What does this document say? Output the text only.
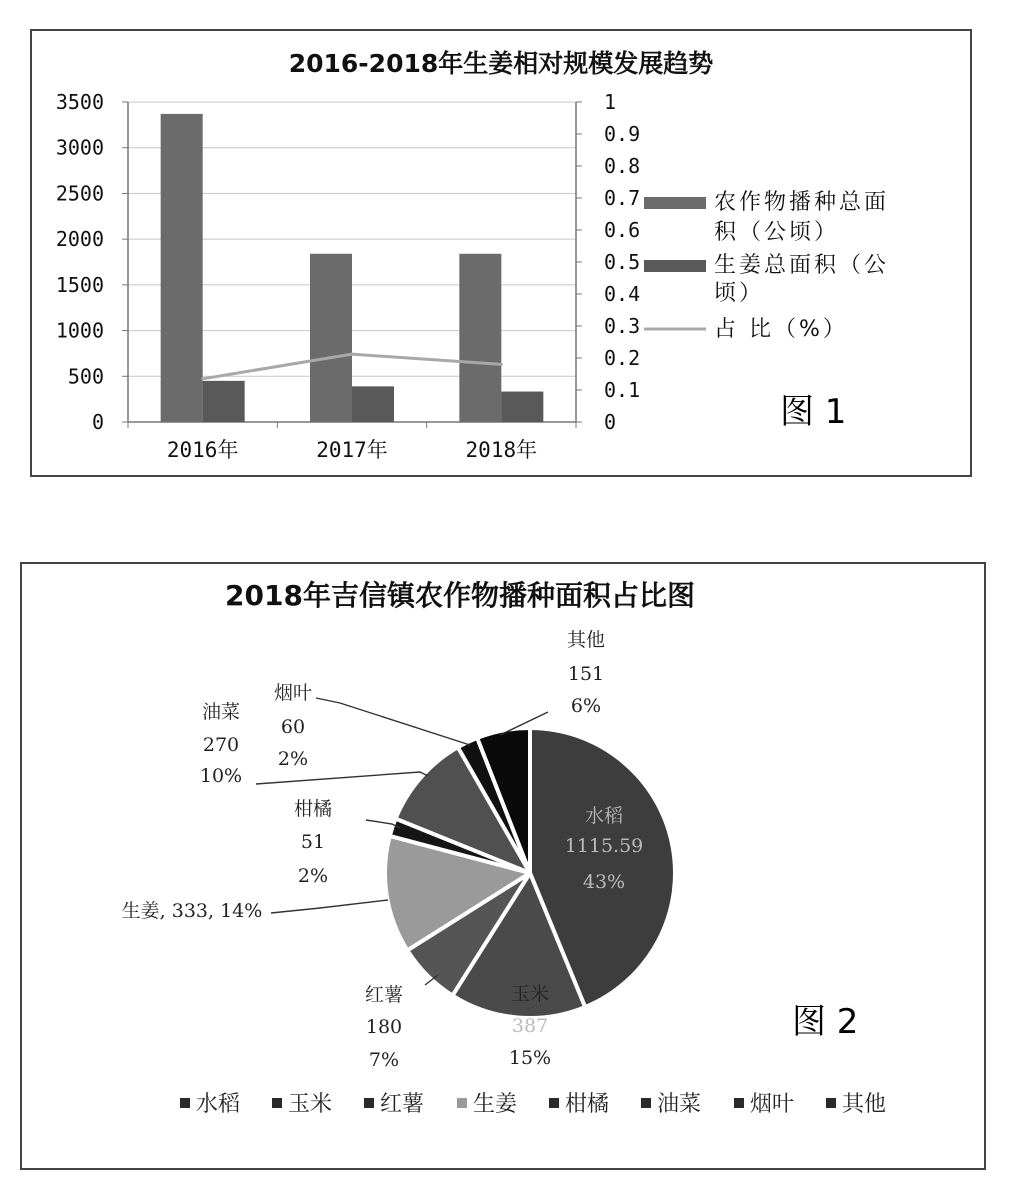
2016-2018年生姜相对规模发展趋势
3500
3000
2500
2000
1500
1000
500
0
1
0.9
0.8
0.7
0.6
0.5
0.4
0.3
0.2
0.1
0
2016年	2017年	2018年
农作物播种总面
积（公顷）
生姜总面积（公
顷）
占 比（%）
图 1
2018年吉信镇农作物播种面积占比图
水稻
1115.59
43%
玉米
387
15%
红薯
180
7%
生姜, 333, 14%
柑橘
51
2%
油菜
270
10%
烟叶
60
2%
其他
151
6%
水稻 玉米 红薯 生姜 柑橘 油菜 烟叶 其他
图 2
